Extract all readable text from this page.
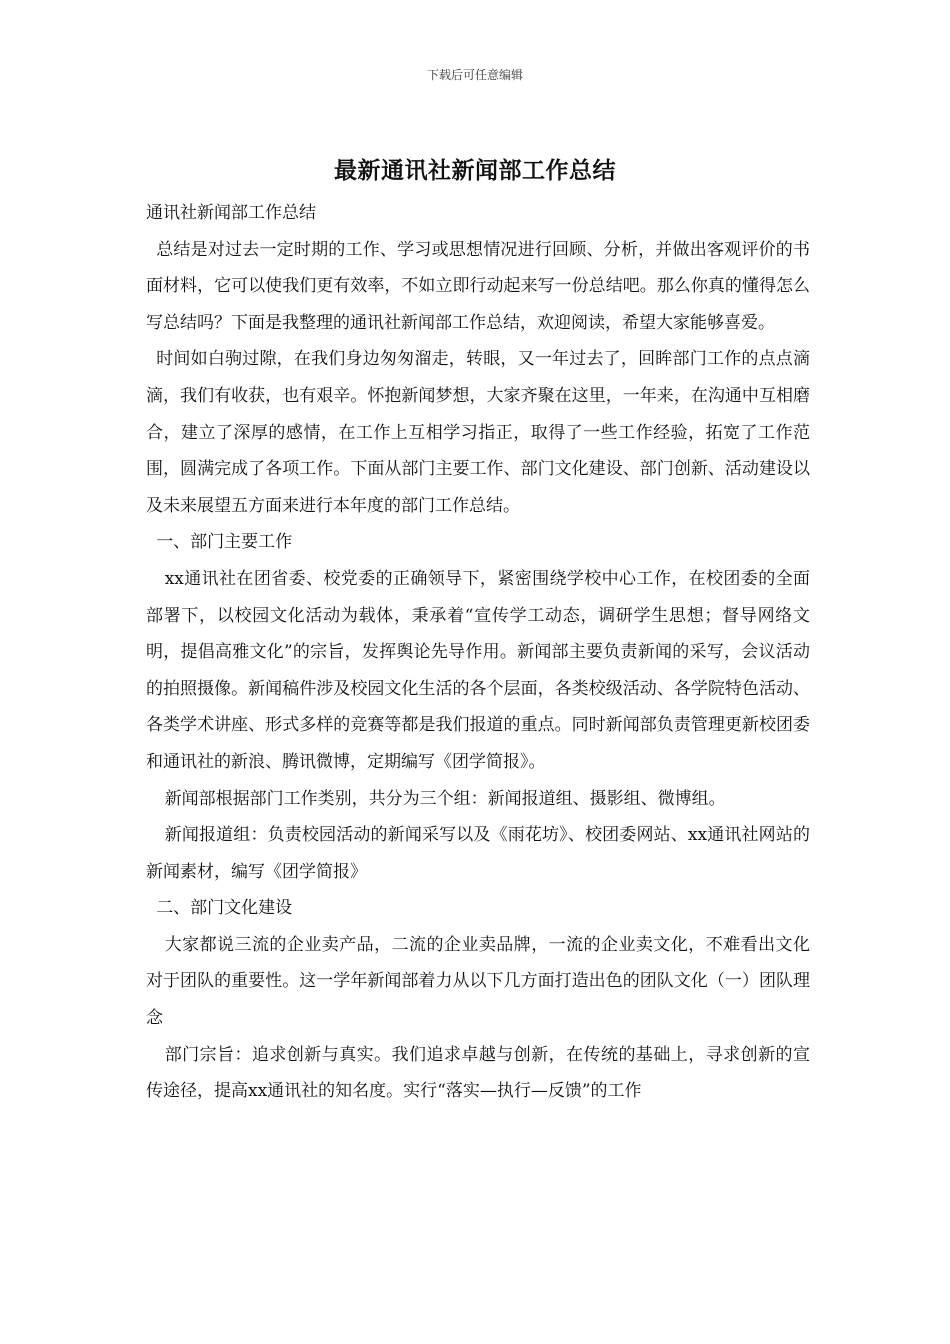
下载后可任意编辑
最新通讯社新闻部工作总结

通讯社新闻部工作总结

总结是对过去一定时期的工作、学习或思想情况进行回顾、分析，并做出客观评价的书面材料，它可以使我们更有效率，不如立即行动起来写一份总结吧。那么你真的懂得怎么写总结吗？下面是我整理的通讯社新闻部工作总结，欢迎阅读，希望大家能够喜爱。

时间如白驹过隙，在我们身边匆匆溜走，转眼，又一年过去了，回眸部门工作的点点滴滴，我们有收获，也有艰辛。怀抱新闻梦想，大家齐聚在这里，一年来，在沟通中互相磨合，建立了深厚的感情，在工作上互相学习指正，取得了一些工作经验，拓宽了工作范围，圆满完成了各项工作。下面从部门主要工作、部门文化建设、部门创新、活动建设以及未来展望五方面来进行本年度的部门工作总结。

一、部门主要工作

xx通讯社在团省委、校党委的正确领导下，紧密围绕学校中心工作，在校团委的全面部署下，以校园文化活动为载体，秉承着“宣传学工动态，调研学生思想；督导网络文明，提倡高雅文化”的宗旨，发挥舆论先导作用。新闻部主要负责新闻的采写，会议活动的拍照摄像。新闻稿件涉及校园文化生活的各个层面，各类校级活动、各学院特色活动、各类学术讲座、形式多样的竞赛等都是我们报道的重点。同时新闻部负责管理更新校团委和通讯社的新浪、腾讯微博，定期编写《团学简报》。

新闻部根据部门工作类别，共分为三个组：新闻报道组、摄影组、微博组。

新闻报道组：负责校园活动的新闻采写以及《雨花坊》、校团委网站、xx通讯社网站的新闻素材，编写《团学简报》

二、部门文化建设

大家都说三流的企业卖产品，二流的企业卖品牌，一流的企业卖文化，不难看出文化对于团队的重要性。这一学年新闻部着力从以下几方面打造出色的团队文化（一）团队理念

部门宗旨：追求创新与真实。我们追求卓越与创新，在传统的基础上，寻求创新的宣传途径，提高xx通讯社的知名度。实行“落实—执行—反馈”的工作
